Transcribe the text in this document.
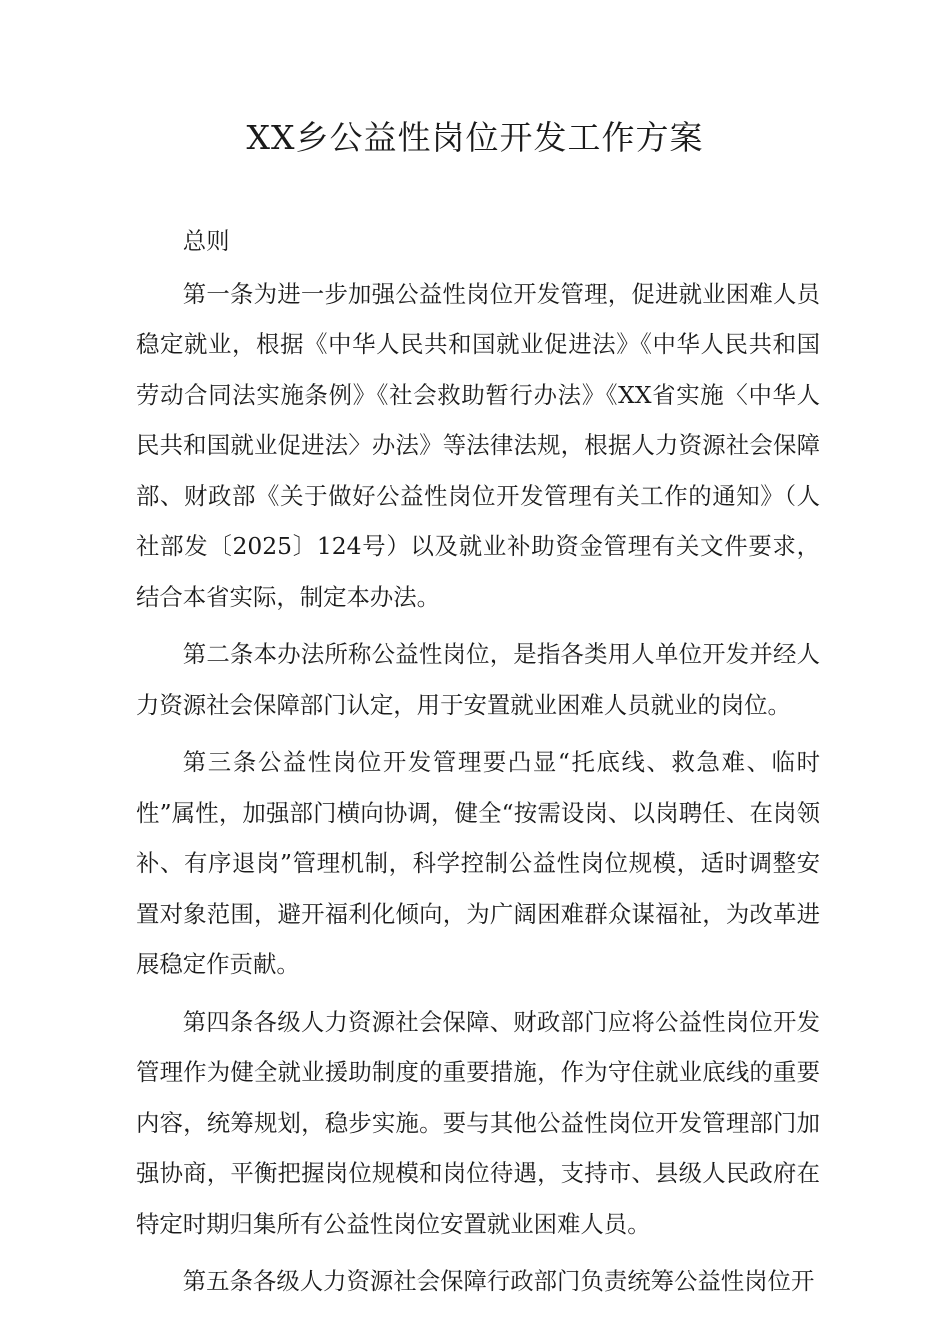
XX乡公益性岗位开发工作方案

总则

第一条为进一步加强公益性岗位开发管理，促进就业困难人员稳定就业，根据《中华人民共和国就业促进法》《中华人民共和国劳动合同法实施条例》《社会救助暂行办法》《XX省实施〈中华人民共和国就业促进法〉办法》等法律法规，根据人力资源社会保障部、财政部《关于做好公益性岗位开发管理有关工作的通知》（人社部发〔2025〕124号）以及就业补助资金管理有关文件要求，结合本省实际，制定本办法。

第二条本办法所称公益性岗位，是指各类用人单位开发并经人力资源社会保障部门认定，用于安置就业困难人员就业的岗位。

第三条公益性岗位开发管理要凸显“托底线、救急难、临时性”属性，加强部门横向协调，健全“按需设岗、以岗聘任、在岗领补、有序退岗”管理机制，科学控制公益性岗位规模，适时调整安置对象范围，避开福利化倾向，为广阔困难群众谋福祉，为改革进展稳定作贡献。

第四条各级人力资源社会保障、财政部门应将公益性岗位开发管理作为健全就业援助制度的重要措施，作为守住就业底线的重要内容，统筹规划，稳步实施。要与其他公益性岗位开发管理部门加强协商，平衡把握岗位规模和岗位待遇，支持市、县级人民政府在特定时期归集所有公益性岗位安置就业困难人员。

第五条各级人力资源社会保障行政部门负责统筹公益性岗位开
